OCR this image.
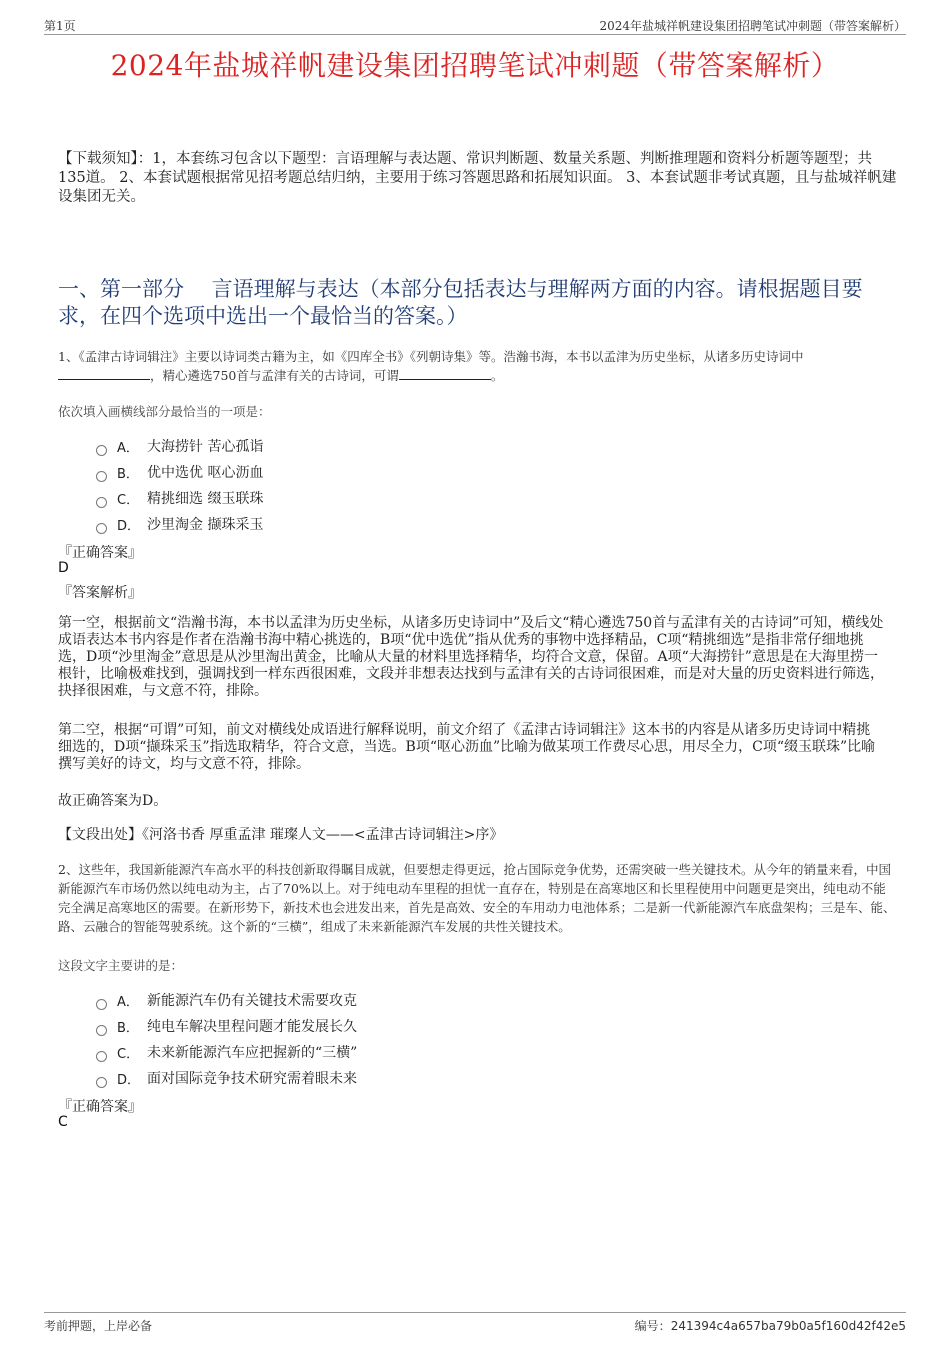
第1页	2024年盐城祥帆建设集团招聘笔试冲刺题（带答案解析）
2024年盐城祥帆建设集团招聘笔试冲刺题（带答案解析）
【下载须知】：1，本套练习包含以下题型：言语理解与表达题、常识判断题、数量关系题、判断推理题和资料分析题等题型；共135道。 2、本套试题根据常见招考题总结归纳，主要用于练习答题思路和拓展知识面。 3、本套试题非考试真题，且与盐城祥帆建设集团无关。
一、第一部分　 言语理解与表达（本部分包括表达与理解两方面的内容。请根据题目要求，在四个选项中选出一个最恰当的答案。）
1、《孟津古诗词辑注》主要以诗词类古籍为主，如《四库全书》《列朝诗集》等。浩瀚书海，本书以孟津为历史坐标，从诸多历史诗词中
，精心遴选750首与孟津有关的古诗词，可谓	。
依次填入画横线部分最恰当的一项是：
A． 大海捞针 苦心孤诣
B． 优中选优 呕心沥血
C． 精挑细选 缀玉联珠
D． 沙里淘金 撷珠采玉
『正确答案』
D
『答案解析』
第一空，根据前文“浩瀚书海，本书以孟津为历史坐标，从诸多历史诗词中”及后文“精心遴选750首与孟津有关的古诗词”可知，横线处成语表达本书内容是作者在浩瀚书海中精心挑选的，B项“优中选优”指从优秀的事物中选择精品，C项“精挑细选”是指非常仔细地挑选，D项“沙里淘金”意思是从沙里淘出黄金，比喻从大量的材料里选择精华，均符合文意，保留。A项“大海捞针”意思是在大海里捞一根针，比喻极难找到，强调找到一样东西很困难，文段并非想表达找到与孟津有关的古诗词很困难，而是对大量的历史资料进行筛选，抉择很困难，与文意不符，排除。
第二空，根据“可谓”可知，前文对横线处成语进行解释说明，前文介绍了《孟津古诗词辑注》这本书的内容是从诸多历史诗词中精挑细选的，D项“撷珠采玉”指选取精华，符合文意，当选。B项“呕心沥血”比喻为做某项工作费尽心思，用尽全力，C项“缀玉联珠”比喻撰写美好的诗文，均与文意不符，排除。
故正确答案为D。
【文段出处】《河洛书香 厚重孟津 璀璨人文——<孟津古诗词辑注>序》
2、这些年，我国新能源汽车高水平的科技创新取得瞩目成就，但要想走得更远，抢占国际竞争优势，还需突破一些关键技术。从今年的销量来看，中国新能源汽车市场仍然以纯电动为主，占了70%以上。对于纯电动车里程的担忧一直存在，特别是在高寒地区和长里程使用中问题更是突出，纯电动不能完全满足高寒地区的需要。在新形势下，新技术也会进发出来，首先是高效、安全的车用动力电池体系；二是新一代新能源汽车底盘架构；三是车、能、路、云融合的智能驾驶系统。这个新的“三横”，组成了未来新能源汽车发展的共性关键技术。
这段文字主要讲的是：
A． 新能源汽车仍有关键技术需要攻克
B． 纯电车解决里程问题才能发展长久
C． 未来新能源汽车应把握新的“三横”
D． 面对国际竞争技术研究需着眼未来
『正确答案』
C
考前押题，上岸必备	编号：241394c4a657ba79b0a5f160d42f42e5
